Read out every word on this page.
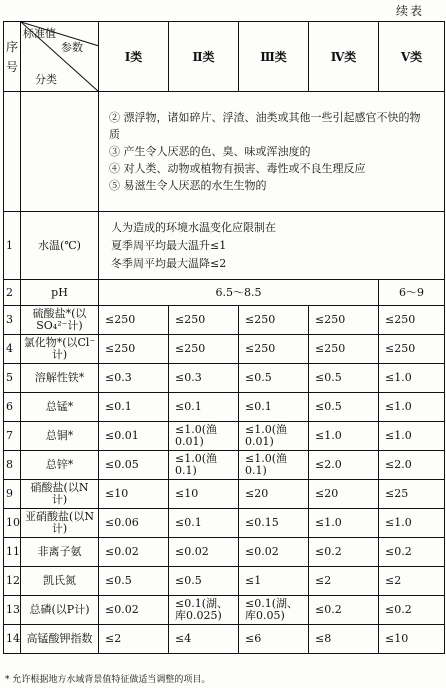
续表
序号	标准值
参数
分类	Ⅰ类	Ⅱ类	Ⅲ类	Ⅳ类	Ⅴ类

		② 漂浮物，诸如碎片、浮渣、油类或其他一些引起感官不快的物质
③ 产生令人厌恶的色、臭、味或浑浊度的
④ 对人类、动物或植物有损害、毒性或不良生理反应
⑤ 易滋生令人厌恶的水生生物的				

1	水温(℃)	人为造成的环境水温变化应限制在
夏季周平均最大温升≤1
冬季周平均最大温降≤2				

2	pH	6.5～8.5				6～9
3	硫酸盐*(以SO₄²⁻计)	≤250	≤250	≤250	≤250	≤250
4	氯化物*(以Cl⁻计)	≤250	≤250	≤250	≤250	≤250
5	溶解性铁*	≤0.3	≤0.3	≤0.5	≤0.5	≤1.0
6	总锰*	≤0.1	≤0.1	≤0.1	≤0.5	≤1.0
7	总铜*	≤0.01	≤1.0(渔0.01)	≤1.0(渔0.01)	≤1.0	≤1.0
8	总锌*	≤0.05	≤1.0(渔0.1)	≤1.0(渔0.1)	≤2.0	≤2.0
9	硝酸盐(以N计)	≤10	≤10	≤20	≤20	≤25
10	亚硝酸盐(以N计)	≤0.06	≤0.1	≤0.15	≤1.0	≤1.0
11	非离子氨	≤0.02	≤0.02	≤0.02	≤0.2	≤0.2
12	凯氏氮	≤0.5	≤0.5	≤1	≤2	≤2
13	总磷(以P计)	≤0.02	≤0.1(湖、库0.025)	≤0.1(湖、库0.05)	≤0.2	≤0.2
14	高锰酸钾指数	≤2	≤4	≤6	≤8	≤10
* 允许根据地方水域背景值特征做适当调整的项目。
